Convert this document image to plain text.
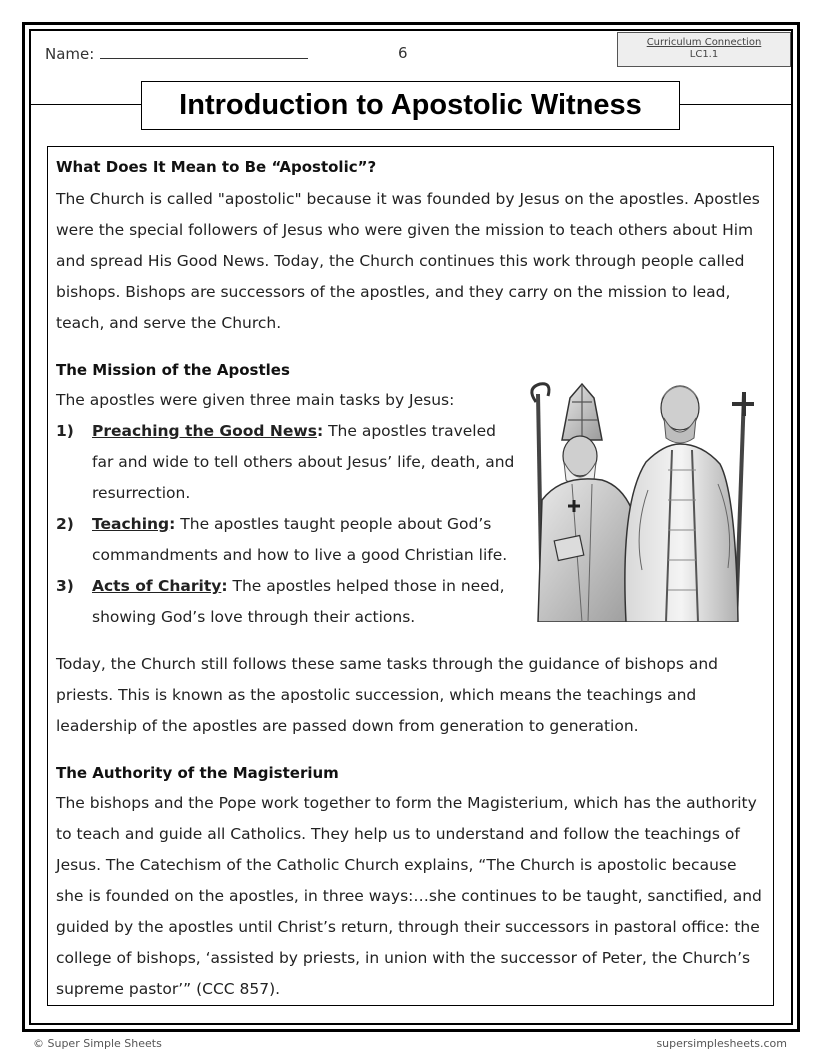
Name:	6
Curriculum Connection
LC1.1
Introduction to Apostolic Witness
What Does It Mean to Be “Apostolic”?

The Church is called "apostolic" because it was founded by Jesus on the apostles. Apostles were the special followers of Jesus who were given the mission to teach others about Him and spread His Good News. Today, the Church continues this work through people called bishops. Bishops are successors of the apostles, and they carry on the mission to lead, teach, and serve the Church.

The Mission of the Apostles

The apostles were given three main tasks by Jesus:

1) Preaching the Good News: The apostles traveled far and wide to tell others about Jesus’ life, death, and resurrection.
2) Teaching: The apostles taught people about God’s commandments and how to live a good Christian life.
3) Acts of Charity: The apostles helped those in need, showing God’s love through their actions.

Today, the Church still follows these same tasks through the guidance of bishops and priests. This is known as the apostolic succession, which means the teachings and leadership of the apostles are passed down from generation to generation.

The Authority of the Magisterium

The bishops and the Pope work together to form the Magisterium, which has the authority to teach and guide all Catholics. They help us to understand and follow the teachings of Jesus. The Catechism of the Catholic Church explains, “The Church is apostolic because she is founded on the apostles, in three ways:…she continues to be taught, sanctified, and guided by the apostles until Christ’s return, through their successors in pastoral office: the college of bishops, ‘assisted by priests, in union with the successor of Peter, the Church’s supreme pastor’” (CCC 857).

© Super Simple Sheets	supersimplesheets.com
